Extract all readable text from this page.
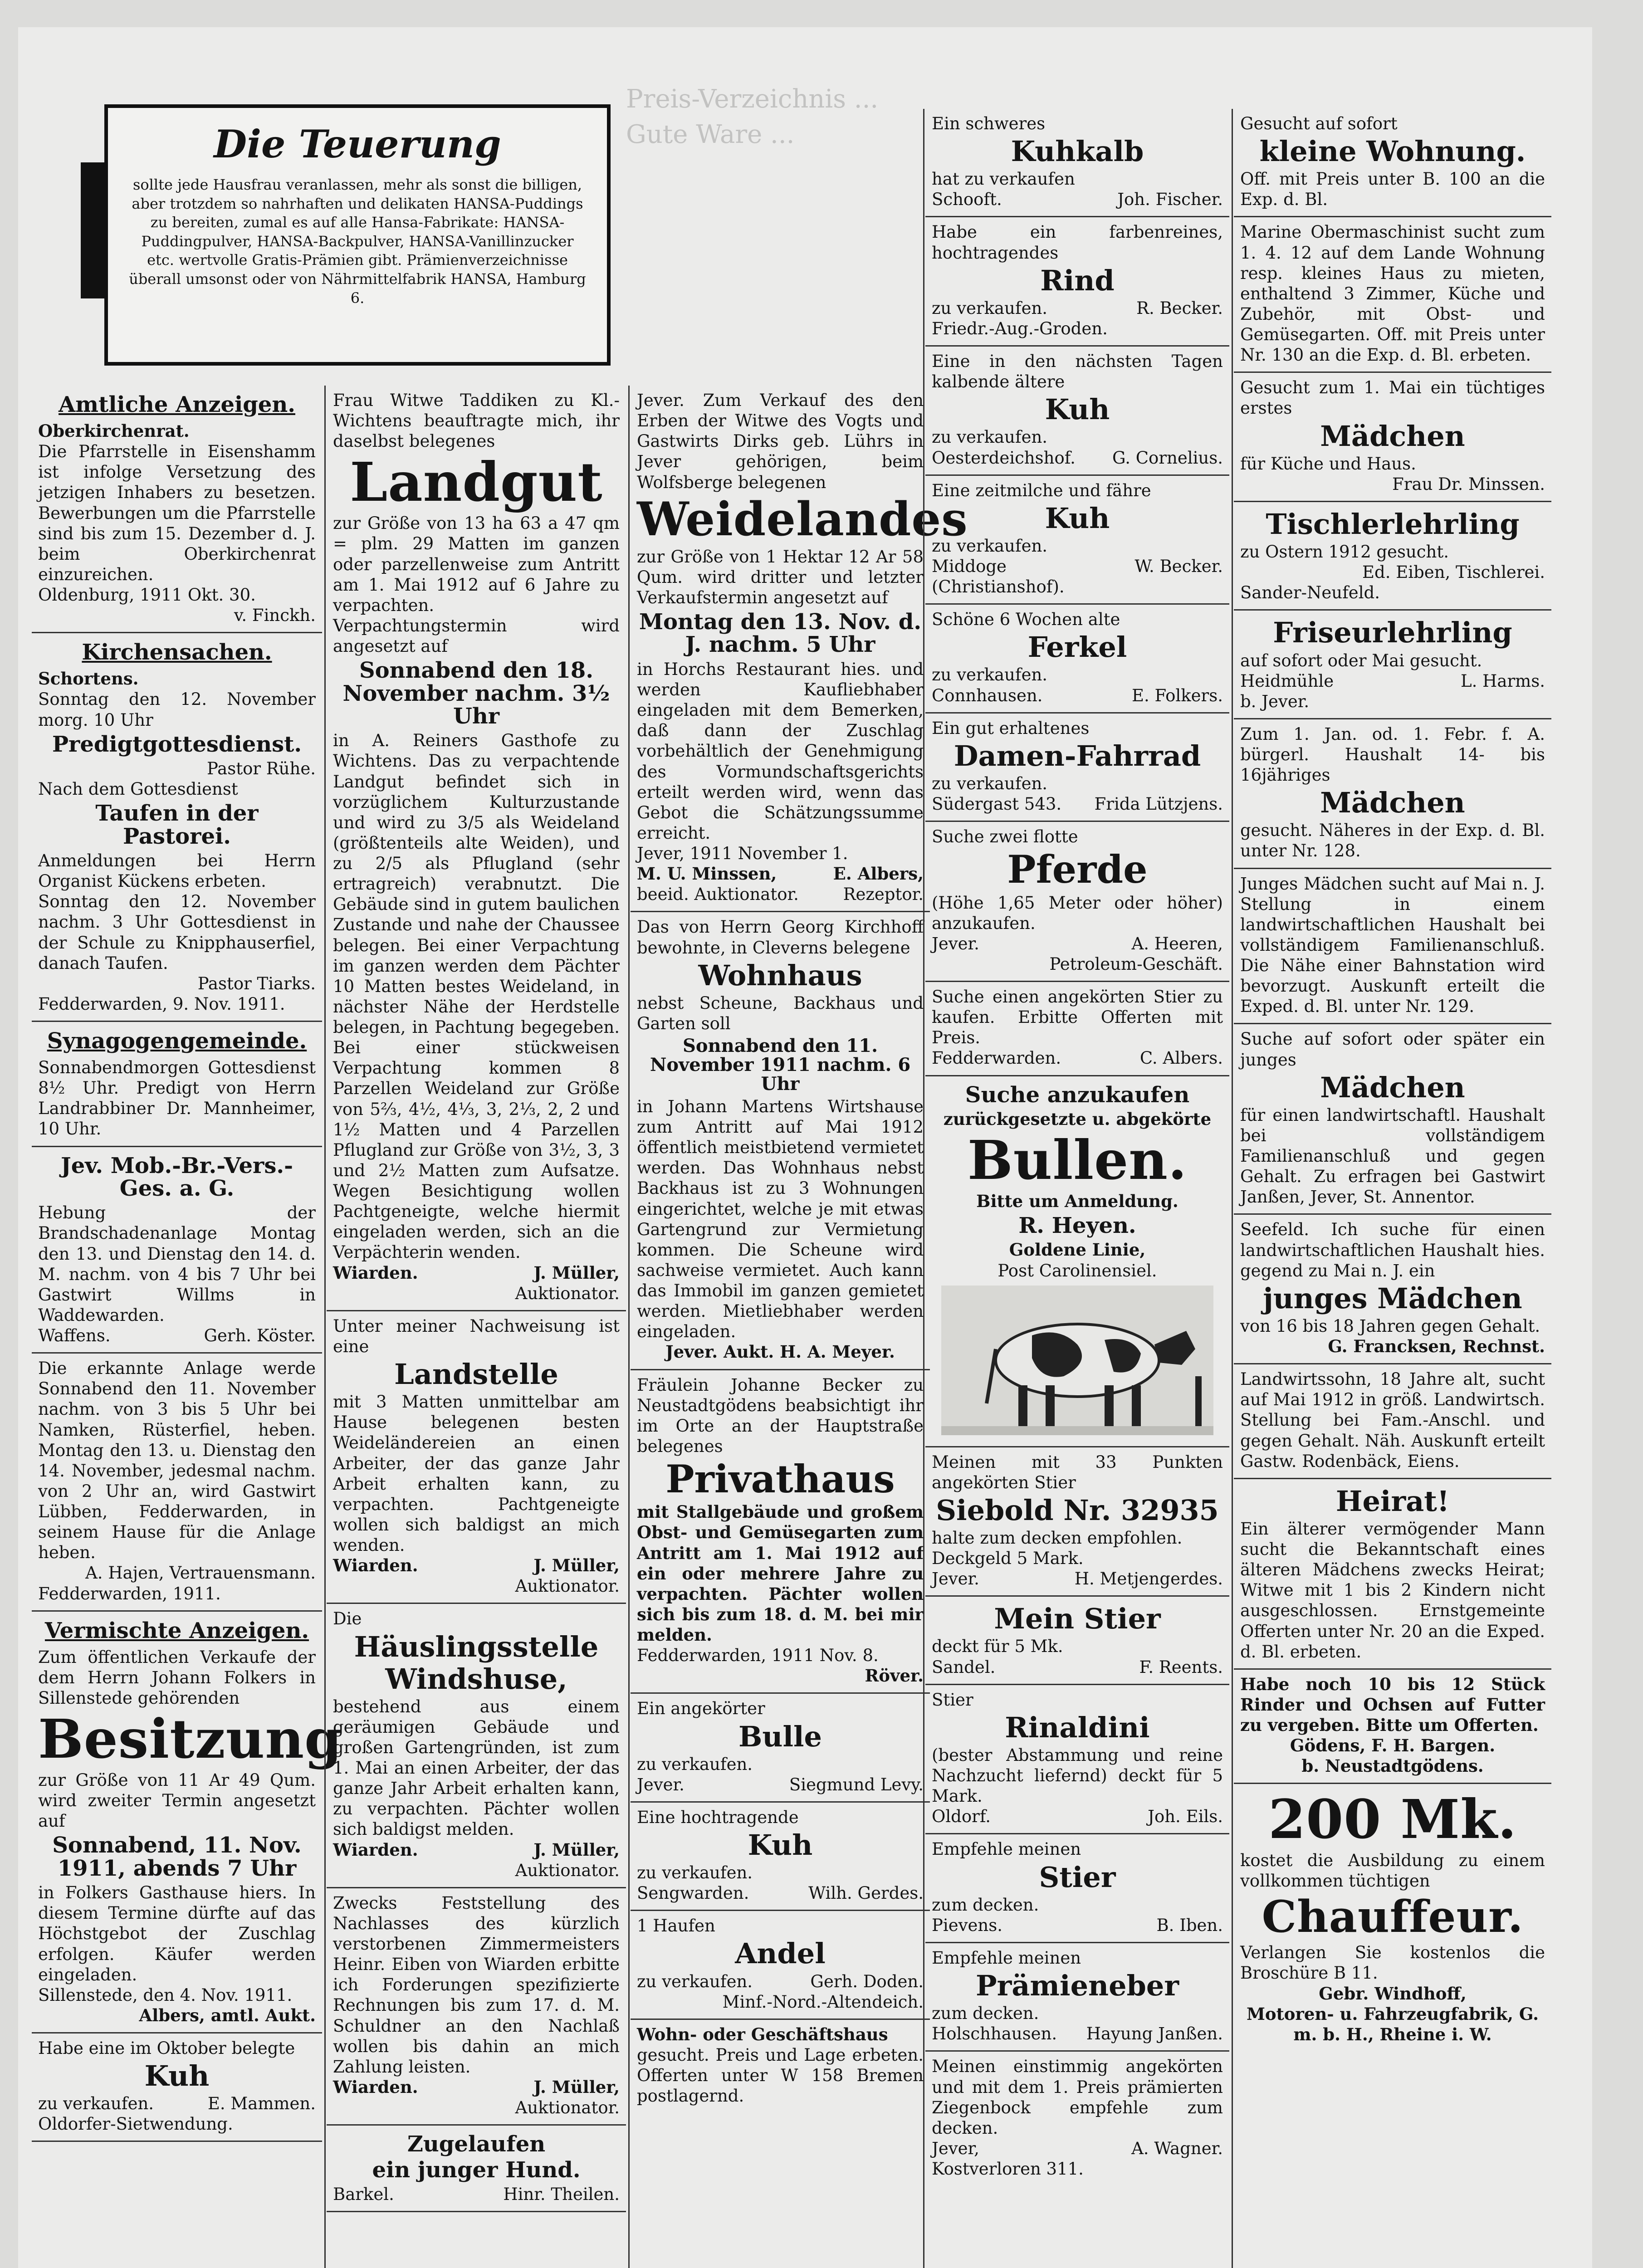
Preis-Verzeichnis ... Gute Ware ...
Die Teuerung

sollte jede Hausfrau veranlassen, mehr als sonst die billigen, aber trotzdem so nahrhaften und delikaten HANSA-Puddings zu bereiten, zumal es auf alle Hansa-Fabrikate: HANSA-Puddingpulver, HANSA-Backpulver, HANSA-Vanillinzucker etc. wertvolle Gratis-Prämien gibt. Prämienverzeichnisse überall umsonst oder von Nährmittelfabrik HANSA, Hamburg 6.

Amtliche Anzeigen.

Oberkirchenrat.

Die Pfarrstelle in Eisenshamm ist infolge Versetzung des jetzigen Inhabers zu besetzen. Bewerbungen um die Pfarrstelle sind bis zum 15. Dezember d. J. beim Oberkirchenrat einzureichen.

Oldenburg, 1911 Okt. 30.

v. Finckh.

Kirchensachen.

Schortens.

Sonntag den 12. November morg. 10 Uhr

Predigtgottesdienst.

Pastor Rühe.

Nach dem Gottesdienst

Taufen in der Pastorei.

Anmeldungen bei Herrn Organist Kückens erbeten.

Sonntag den 12. November nachm. 3 Uhr Gottesdienst in der Schule zu Knipphauserfiel, danach Taufen.

Pastor Tiarks.

Fedderwarden, 9. Nov. 1911.

Synagogengemeinde.

Sonnabendmorgen Gottesdienst 8½ Uhr. Predigt von Herrn Landrabbiner Dr. Mannheimer, 10 Uhr.

Jev. Mob.-Br.-Vers.-Ges. a. G.

Hebung der Brandschadenanlage Montag den 13. und Dienstag den 14. d. M. nachm. von 4 bis 7 Uhr bei Gastwirt Willms in Waddewarden.

Waffens.	Gerh. Köster.

Die erkannte Anlage werde Sonnabend den 11. November nachm. von 3 bis 5 Uhr bei Namken, Rüsterfiel, heben. Montag den 13. u. Dienstag den 14. November, jedesmal nachm. von 2 Uhr an, wird Gastwirt Lübben, Fedderwarden, in seinem Hause für die Anlage heben.

A. Hajen, Vertrauensmann.

Fedderwarden, 1911.

Vermischte Anzeigen.

Zum öffentlichen Verkaufe der dem Herrn Johann Folkers in Sillenstede gehörenden

Besitzung

zur Größe von 11 Ar 49 Qum. wird zweiter Termin angesetzt auf

Sonnabend, 11. Nov. 1911, abends 7 Uhr

in Folkers Gasthause hiers. In diesem Termine dürfte auf das Höchstgebot der Zuschlag erfolgen. Käufer werden eingeladen.

Sillenstede, den 4. Nov. 1911.

Albers, amtl. Aukt.

Habe eine im Oktober belegte

Kuh
zu verkaufen.	E. Mammen.

Oldorfer-Sietwendung.

Frau Witwe Taddiken zu Kl.-Wichtens beauftragte mich, ihr daselbst belegenes

Landgut

zur Größe von 13 ha 63 a 47 qm = plm. 29 Matten im ganzen oder parzellenweise zum Antritt am 1. Mai 1912 auf 6 Jahre zu verpachten.

Verpachtungstermin wird angesetzt auf

Sonnabend den 18. November nachm. 3½ Uhr

in A. Reiners Gasthofe zu Wichtens. Das zu verpachtende Landgut befindet sich in vorzüglichem Kulturzustande und wird zu 3/5 als Weideland (größtenteils alte Weiden), und zu 2/5 als Pflugland (sehr ertragreich) verabnutzt. Die Gebäude sind in gutem baulichen Zustande und nahe der Chaussee belegen. Bei einer Verpachtung im ganzen werden dem Pächter 10 Matten bestes Weideland, in nächster Nähe der Herdstelle belegen, in Pachtung begegeben. Bei einer stückweisen Verpachtung kommen 8 Parzellen Weideland zur Größe von 5⅔, 4½, 4⅓, 3, 2⅓, 2, 2 und 1½ Matten und 4 Parzellen Pflugland zur Größe von 3½, 3, 3 und 2½ Matten zum Aufsatze. Wegen Besichtigung wollen Pachtgeneigte, welche hiermit eingeladen werden, sich an die Verpächterin wenden.

Wiarden.	J. Müller,

Auktionator.

Unter meiner Nachweisung ist eine

Landstelle

mit 3 Matten unmittelbar am Hause belegenen besten Weideländereien an einen Arbeiter, der das ganze Jahr Arbeit erhalten kann, zu verpachten. Pachtgeneigte wollen sich baldigst an mich wenden.

Wiarden.	J. Müller,

Auktionator.

Die

Häuslingsstelle
Windshuse,

bestehend aus einem geräumigen Gebäude und großen Gartengründen, ist zum 1. Mai an einen Arbeiter, der das ganze Jahr Arbeit erhalten kann, zu verpachten. Pächter wollen sich baldigst melden.

Wiarden.	J. Müller,

Auktionator.

Zwecks Feststellung des Nachlasses des kürzlich verstorbenen Zimmermeisters Heinr. Eiben von Wiarden erbitte ich Forderungen spezifizierte Rechnungen bis zum 17. d. M. Schuldner an den Nachlaß wollen bis dahin an mich Zahlung leisten.

Wiarden.	J. Müller,

Auktionator.

Zugelaufen
ein junger Hund.
Barkel.	Hinr. Theilen.

Jever. Zum Verkauf des den Erben der Witwe des Vogts und Gastwirts Dirks geb. Lührs in Jever gehörigen, beim Wolfsberge belegenen

Weidelandes

zur Größe von 1 Hektar 12 Ar 58 Qum. wird dritter und letzter Verkaufstermin angesetzt auf

Montag den 13. Nov. d. J. nachm. 5 Uhr

in Horchs Restaurant hies. und werden Kaufliebhaber eingeladen mit dem Bemerken, daß dann der Zuschlag vorbehältlich der Genehmigung des Vormundschaftsgerichts erteilt werden wird, wenn das Gebot die Schätzungssumme erreicht.

Jever, 1911 November 1.

M. U. Minssen,	E. Albers,
beeid. Auktionator.	Rezeptor.

Das von Herrn Georg Kirchhoff bewohnte, in Cleverns belegene

Wohnhaus

nebst Scheune, Backhaus und Garten soll

Sonnabend den 11. November 1911 nachm. 6 Uhr

in Johann Martens Wirtshause zum Antritt auf Mai 1912 öffentlich meistbietend vermietet werden. Das Wohnhaus nebst Backhaus ist zu 3 Wohnungen eingerichtet, welche je mit etwas Gartengrund zur Vermietung kommen. Die Scheune wird sachweise vermietet. Auch kann das Immobil im ganzen gemietet werden. Mietliebhaber werden eingeladen.

Jever. Aukt. H. A. Meyer.

Fräulein Johanne Becker zu Neustadtgödens beabsichtigt ihr im Orte an der Hauptstraße belegenes

Privathaus

mit Stallgebäude und großem Obst- und Gemüsegarten zum Antritt am 1. Mai 1912 auf ein oder mehrere Jahre zu verpachten. Pächter wollen sich bis zum 18. d. M. bei mir melden.

Fedderwarden, 1911 Nov. 8.

Röver.

Ein angekörter

Bulle

zu verkaufen.

Jever.	Siegmund Levy.

Eine hochtragende

Kuh

zu verkaufen.

Sengwarden.	Wilh. Gerdes.

1 Haufen

Andel
zu verkaufen.	Gerh. Doden.

Minf.-Nord.-Altendeich.

Wohn- oder Geschäftshaus

gesucht. Preis und Lage erbeten. Offerten unter W 158 Bremen postlagernd.

Ein schweres

Kuhkalb

hat zu verkaufen

Schooft.	Joh. Fischer.

Habe ein farbenreines, hochtragendes

Rind
zu verkaufen.	R. Becker.

Friedr.-Aug.-Groden.

Eine in den nächsten Tagen kalbende ältere

Kuh

zu verkaufen.

Oesterdeichshof. G. Cornelius.

Eine zeitmilche und fähre

Kuh

zu verkaufen.

Middoge	W. Becker.

(Christianshof).

Schöne 6 Wochen alte

Ferkel

zu verkaufen.

Connhausen.	E. Folkers.

Ein gut erhaltenes

Damen-Fahrrad

zu verkaufen.

Südergast 543. Frida Lützjens.

Suche zwei flotte

Pferde

(Höhe 1,65 Meter oder höher) anzukaufen.

Jever.	A. Heeren,

Petroleum-Geschäft.

Suche einen angekörten Stier zu kaufen. Erbitte Offerten mit Preis.

Fedderwarden.	C. Albers.
Suche anzukaufen

zurückgesetzte u. abgekörte

Bullen.

Bitte um Anmeldung.

R. Heyen.

Goldene Linie,

Post Carolinensiel.

Meinen mit 33 Punkten angekörten Stier

Siebold Nr. 32935

halte zum decken empfohlen.

Deckgeld 5 Mark.

Jever.	H. Metjengerdes.
Mein Stier

deckt für 5 Mk.

Sandel.	F. Reents.

Stier

Rinaldini

(bester Abstammung und reine Nachzucht liefernd) deckt für 5 Mark.

Oldorf.	Joh. Eils.

Empfehle meinen

Stier

zum decken.

Pievens.	B. Iben.

Empfehle meinen

Prämieneber

zum decken.

Holschhausen. Hayung Janßen.

Meinen einstimmig angekörten und mit dem 1. Preis prämierten Ziegenbock empfehle zum decken.

Jever,	A. Wagner.

Kostverloren 311.

Gesucht auf sofort

kleine Wohnung.

Off. mit Preis unter B. 100 an die Exp. d. Bl.

Marine Obermaschinist sucht zum 1. 4. 12 auf dem Lande Wohnung resp. kleines Haus zu mieten, enthaltend 3 Zimmer, Küche und Zubehör, mit Obst- und Gemüsegarten. Off. mit Preis unter Nr. 130 an die Exp. d. Bl. erbeten.

Gesucht zum 1. Mai ein tüchtiges erstes

Mädchen

für Küche und Haus.

Frau Dr. Minssen.

Tischlerlehrling

zu Ostern 1912 gesucht.

Ed. Eiben, Tischlerei.

Sander-Neufeld.

Friseurlehrling

auf sofort oder Mai gesucht.

Heidmühle	L. Harms.

b. Jever.

Zum 1. Jan. od. 1. Febr. f. A. bürgerl. Haushalt 14- bis 16jähriges

Mädchen

gesucht. Näheres in der Exp. d. Bl. unter Nr. 128.

Junges Mädchen sucht auf Mai n. J. Stellung in einem landwirtschaftlichen Haushalt bei vollständigem Familienanschluß. Die Nähe einer Bahnstation wird bevorzugt. Auskunft erteilt die Exped. d. Bl. unter Nr. 129.

Suche auf sofort oder später ein junges

Mädchen

für einen landwirtschaftl. Haushalt bei vollständigem Familienanschluß und gegen Gehalt. Zu erfragen bei Gastwirt Janßen, Jever, St. Annentor.

Seefeld. Ich suche für einen landwirtschaftlichen Haushalt hies. gegend zu Mai n. J. ein

junges Mädchen

von 16 bis 18 Jahren gegen Gehalt.

G. Francksen, Rechnst.

Landwirtssohn, 18 Jahre alt, sucht auf Mai 1912 in größ. Landwirtsch. Stellung bei Fam.-Anschl. und gegen Gehalt. Näh. Auskunft erteilt Gastw. Rodenbäck, Eiens.

Heirat!

Ein älterer vermögender Mann sucht die Bekanntschaft eines älteren Mädchens zwecks Heirat; Witwe mit 1 bis 2 Kindern nicht ausgeschlossen. Ernstgemeinte Offerten unter Nr. 20 an die Exped. d. Bl. erbeten.

Habe noch 10 bis 12 Stück Rinder und Ochsen auf Futter zu vergeben. Bitte um Offerten.

Gödens, F. H. Bargen.

b. Neustadtgödens.

200 Mk.

kostet die Ausbildung zu einem vollkommen tüchtigen

Chauffeur.

Verlangen Sie kostenlos die Broschüre B 11.

Gebr. Windhoff,

Motoren- u. Fahrzeugfabrik, G. m. b. H., Rheine i. W.
